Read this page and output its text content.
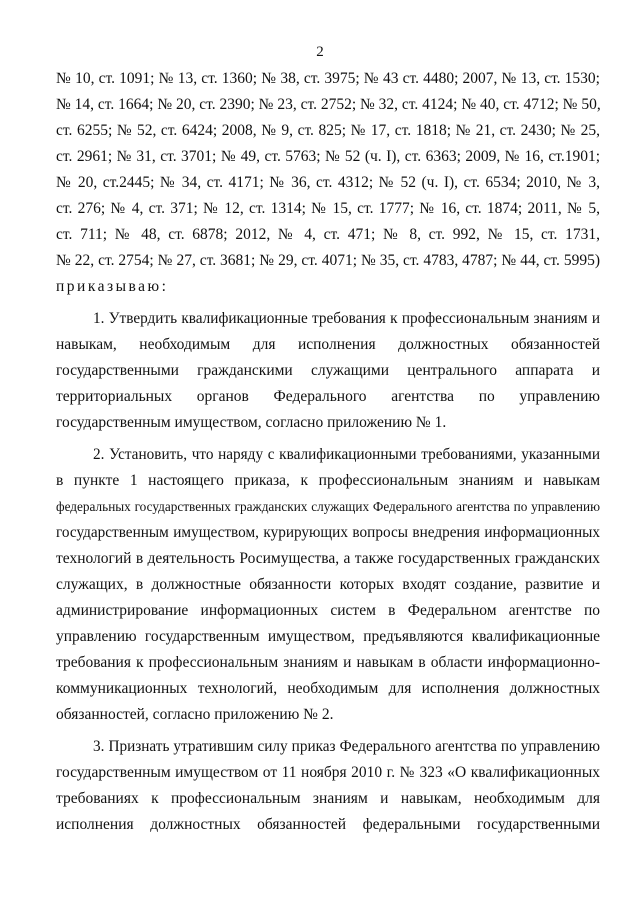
2
№ 10, ст. 1091; № 13, ст. 1360; № 38, ст. 3975; № 43 ст. 4480; 2007, № 13, ст. 1530;
№ 14, ст. 1664; № 20, ст. 2390; № 23, ст. 2752; № 32, ст. 4124; № 40, ст. 4712; № 50,
ст. 6255; № 52, ст. 6424; 2008, № 9, ст. 825; № 17, ст. 1818; № 21, ст. 2430; № 25,
ст. 2961; № 31, ст. 3701; № 49, ст. 5763; № 52 (ч. I), ст. 6363; 2009, № 16, ст.1901;
№ 20, ст.2445; № 34, ст. 4171; № 36, ст. 4312; № 52 (ч. I), ст. 6534; 2010, № 3,
ст. 276; № 4, ст. 371; № 12, ст. 1314; № 15, ст. 1777; № 16, ст. 1874; 2011, № 5,
ст. 711; № 48, ст. 6878; 2012, № 4, ст. 471; № 8, ст. 992, № 15, ст. 1731,
№ 22, ст. 2754; № 27, ст. 3681; № 29, ст. 4071; № 35, ст. 4783, 4787; № 44, ст. 5995)
приказываю:
1. Утвердить квалификационные требования к профессиональным знаниям и
навыкам, необходимым для исполнения должностных обязанностей
государственными гражданскими служащими центрального аппарата и
территориальных органов Федерального агентства по управлению
государственным имуществом, согласно приложению № 1.
2. Установить, что наряду с квалификационными требованиями, указанными
в пункте 1 настоящего приказа, к профессиональным знаниям и навыкам
федеральных государственных гражданских служащих Федерального агентства по управлению
государственным имуществом, курирующих вопросы внедрения информационных
технологий в деятельность Росимущества, а также государственных гражданских
служащих, в должностные обязанности которых входят создание, развитие и
администрирование информационных систем в Федеральном агентстве по
управлению государственным имуществом, предъявляются квалификационные
требования к профессиональным знаниям и навыкам в области информационно-
коммуникационных технологий, необходимым для исполнения должностных
обязанностей, согласно приложению № 2.
3. Признать утратившим силу приказ Федерального агентства по управлению
государственным имуществом от 11 ноября 2010 г. № 323 «О квалификационных
требованиях к профессиональным знаниям и навыкам, необходимым для
исполнения должностных обязанностей федеральными государственными
